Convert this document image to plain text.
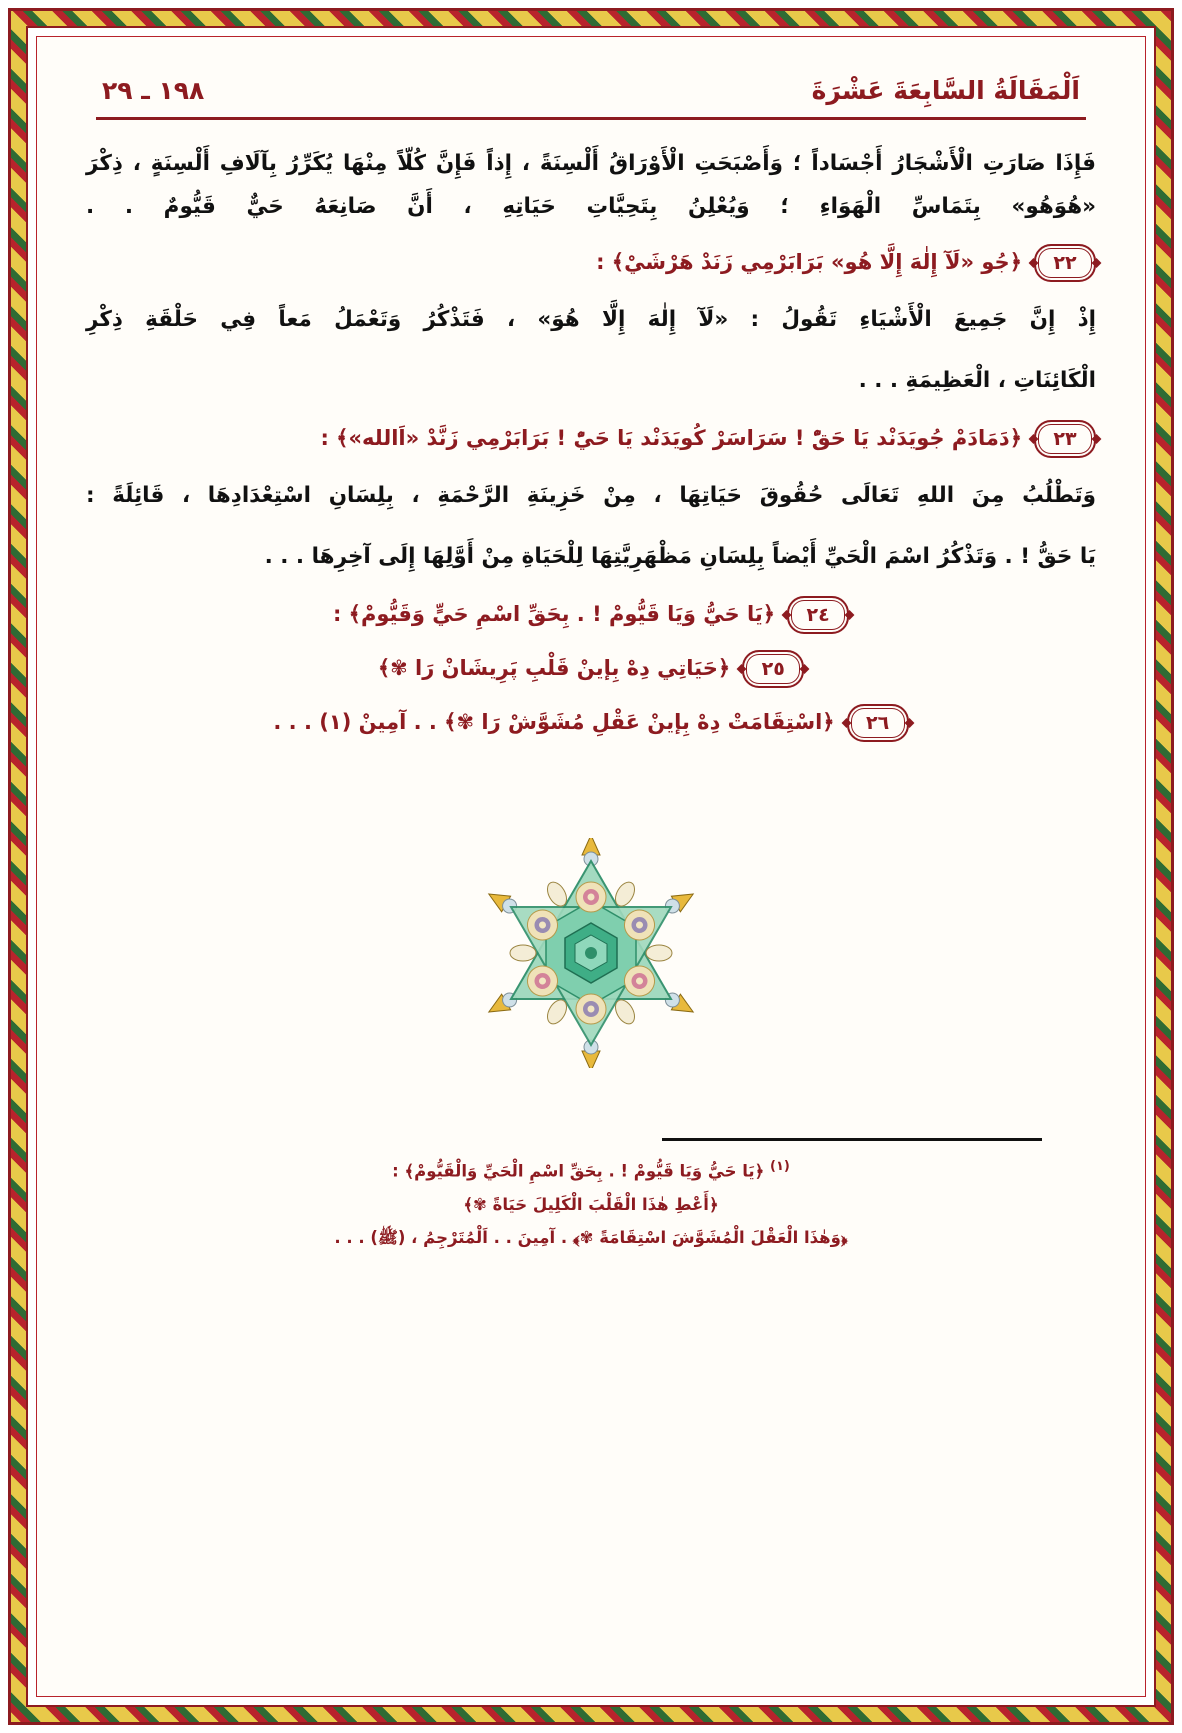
اَلْمَقَالَةُ السَّابِعَةَ عَشْرَةَ
١٩٨ ـ ٢٩

فَإِذَا صَارَتِ الْأَشْجَارُ أَجْسَاداً ؛ وَأَصْبَحَتِ الْأَوْرَاقُ أَلْسِنَةً ، إِذاً فَإِنَّ كُلّاً مِنْهَا يُكَرِّرُ بِآلَافِ أَلْسِنَةٍ ، ذِكْرَ «هُوَهُو» بِتَمَاسِّ الْهَوَاءِ ؛ وَيُعْلِنُ بِتَحِيَّاتِ حَيَاتِهِ ، أَنَّ صَانِعَهُ حَيٌّ قَيُّومٌ . .

٢٢
﴿جُو «لَآ إِلٰهَ إِلَّا هُو» بَرَابَرْمِي زَنَدْ هَرْشَيْ﴾ :

إِذْ إِنَّ جَمِيعَ الْأَشْيَاءِ تَقُولُ : «لَآ إِلٰهَ إِلَّا هُوَ» ، فَتَذْكُرُ وَتَعْمَلُ مَعاً فِي حَلْقَةِ ذِكْرِ

الْكَائِنَاتِ ، الْعَظِيمَةِ . . .

٢٣
﴿دَمَادَمْ جُويَدَنْد يَا حَقّْ ! سَرَاسَرْ كُويَدَنْد يَا حَيّْ ! بَرَابَرْمِي زَنَّدْ «اَالله»﴾ :

وَتَطْلُبُ مِنَ اللهِ تَعَالَى حُقُوقَ حَيَاتِهَا ، مِنْ خَزِينَةِ الرَّحْمَةِ ، بِلِسَانِ اسْتِعْدَادِهَا ، قَائِلَةً :

يَا حَقُّ ! . وَتَذْكُرُ اسْمَ الْحَيِّ أَيْضاً بِلِسَانِ مَظْهَرِيَّتِهَا لِلْحَيَاةِ مِنْ أَوَّلِهَا إِلَى آخِرِهَا . . .

٢٤
﴿يَا حَيُّ وَيَا قَيُّومْ ! . بِحَقِّ اسْمِ حَيٍّ وَقَيُّومْ﴾ :
٢٥
﴿حَيَاتِي دِهْ بِإينْ قَلْبِ پَرِيشَانْ رَا ✾﴾
٢٦
﴿اسْتِقَامَتْ دِهْ بِإينْ عَقْلِ مُشَوَّشْ رَا ✾﴾ . . آمِينْ (١) . . .

$^{(١)}$ ﴿يَا حَيُّ وَيَا قَيُّومْ ! . بِحَقِّ اسْمِ الْحَيِّ وَالْقَيُّومْ﴾ :

﴿أَعْطِ هٰذَا الْقَلْبَ الْكَلِيلَ حَيَاةً ✾﴾

﴿وَهٰذَا الْعَقْلَ الْمُشَوَّشَ اسْتِقَامَةً ✾﴾ . آمِينَ . . اَلْمُتَرْجِمُ ، (ﷺ) . . .
